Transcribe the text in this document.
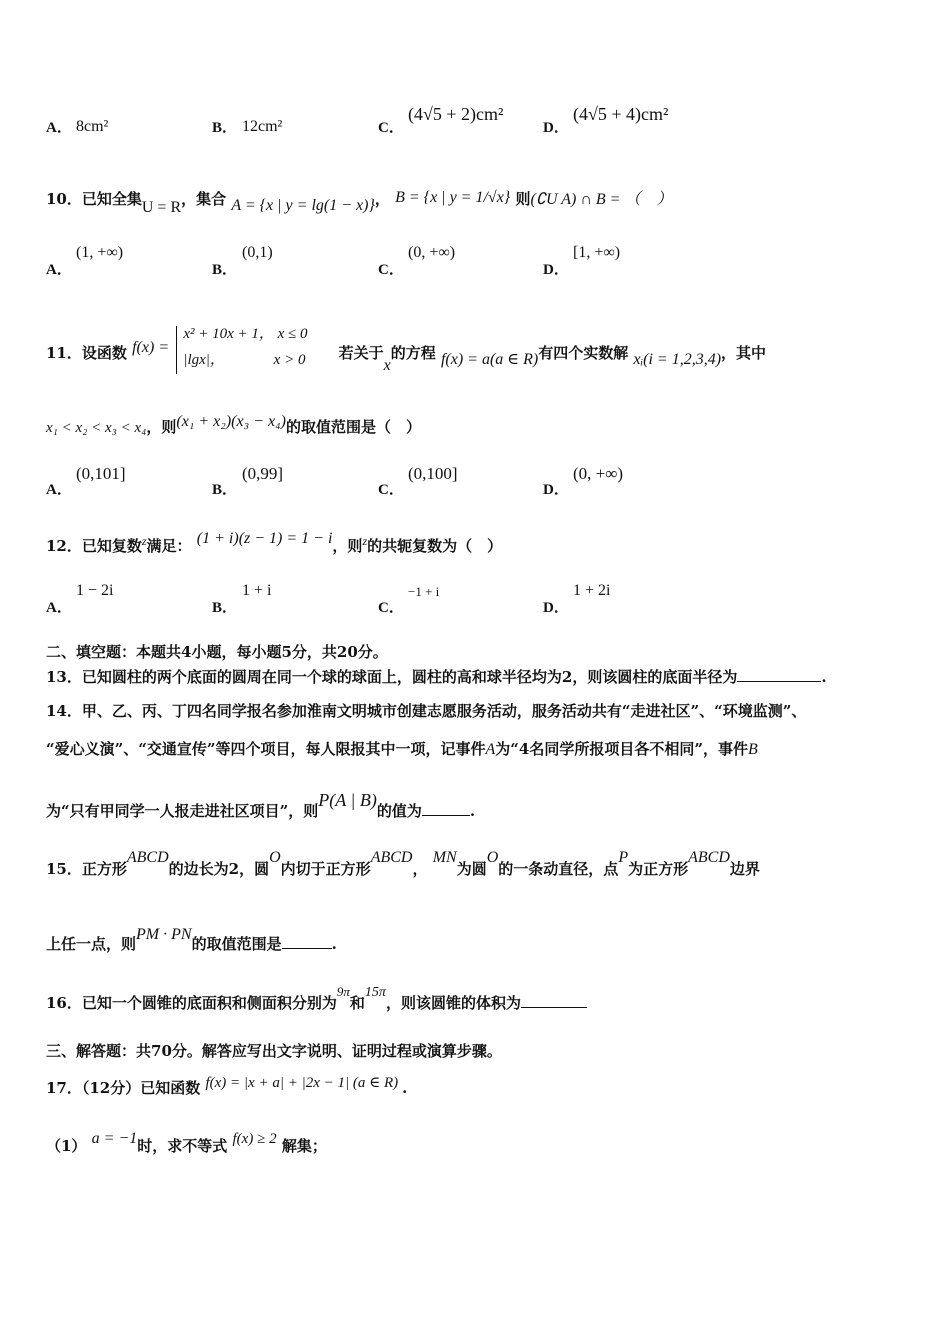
A． 8cm²	B． 12cm²	C．
(4√5 + 2)cm²
D．
(4√5 + 4)cm²
10．已知全集U = R，集合 A = {x | y = lg(1 − x)}， B = {x | y = 1/√x} 则(∁U A) ∩ B = （　）
A．
(1, +∞)
B．
(0,1)
C．
(0, +∞)
D．
[1, +∞)
11．设函数 f(x) =
x² + 10x + 1， x ≤ 0
|lgx|，             x > 0 若关于x的方程 f(x) = a(a ∈ R)有四个实数解 xᵢ(i = 1,2,3,4)，其中
x₁ < x₂ < x₃ < x₄，则(x₁ + x₂)(x₃ − x₄)的取值范围是（　）
A．
(0,101]
B．
(0,99]
C．
(0,100]
D．
(0, +∞)
12．已知复数$^z$满足： (1 + i)(z − 1) = 1 − i，则$^z$的共轭复数为（　）
A．
1 − 2i
B．
1 + i
C．
−1 + i
D．
1 + 2i
二、填空题：本题共4小题，每小题5分，共20分。
13．已知圆柱的两个底面的圆周在同一个球的球面上，圆柱的高和球半径均为2，则该圆柱的底面半径为	.
14．甲、乙、丙、丁四名同学报名参加淮南文明城市创建志愿服务活动，服务活动共有“走进社区”、“环境监测”、
“爱心义演”、“交通宣传”等四个项目，每人限报其中一项，记事件A为“4名同学所报项目各不相同”，事件B
为“只有甲同学一人报走进社区项目”，则P(A | B)的值为	.
15．正方形ABCD的边长为2，圆O内切于正方形ABCD， MN为圆O的一条动直径，点P为正方形ABCD边界
上任一点，则PM · PN的取值范围是	.
16．已知一个圆锥的底面积和侧面积分别为9π和15π，则该圆锥的体积为
三、解答题：共70分。解答应写出文字说明、证明过程或演算步骤。
17．（12分）已知函数 f(x) = |x + a| + |2x − 1| (a ∈ R) .
（1） a = −1时，求不等式 f(x) ≥ 2 解集；
